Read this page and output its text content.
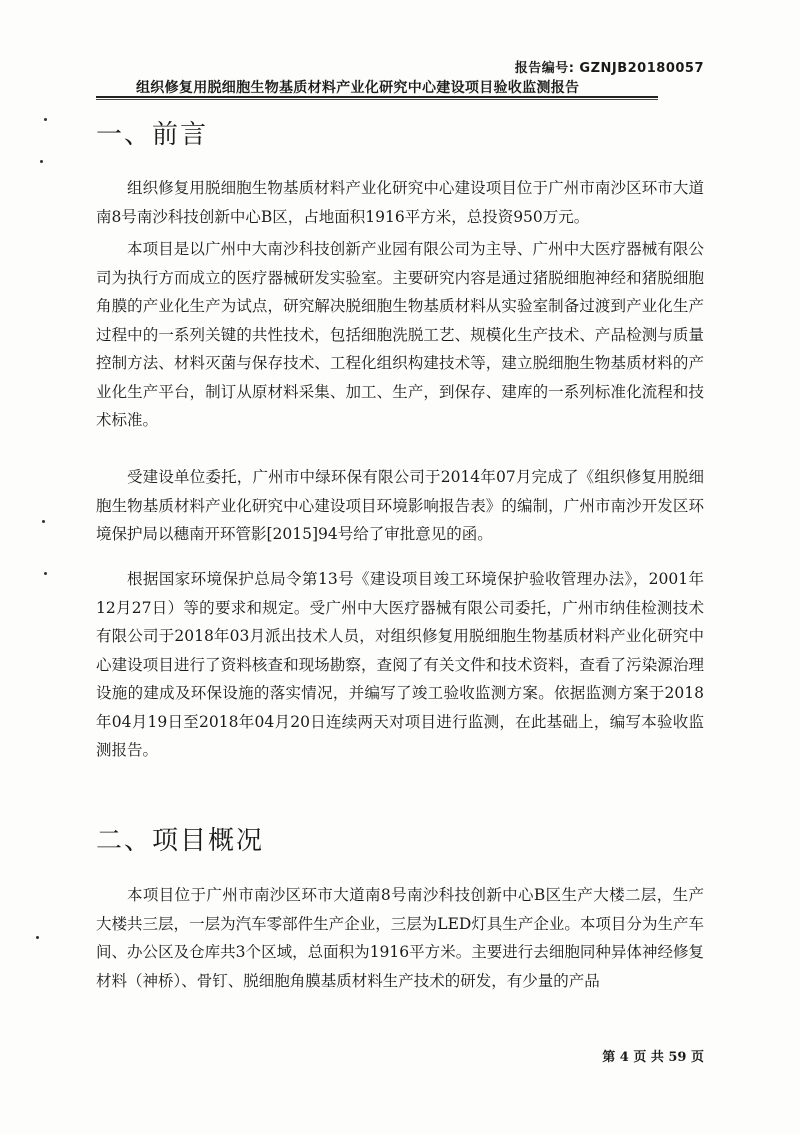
报告编号: GZNJB20180057
组织修复用脱细胞生物基质材料产业化研究中心建设项目验收监测报告
一、前言

组织修复用脱细胞生物基质材料产业化研究中心建设项目位于广州市南沙区环市大道南8号南沙科技创新中心B区，占地面积1916平方米，总投资950万元。

本项目是以广州中大南沙科技创新产业园有限公司为主导、广州中大医疗器械有限公司为执行方而成立的医疗器械研发实验室。主要研究内容是通过猪脱细胞神经和猪脱细胞角膜的产业化生产为试点，研究解决脱细胞生物基质材料从实验室制备过渡到产业化生产过程中的一系列关键的共性技术，包括细胞洗脱工艺、规模化生产技术、产品检测与质量控制方法、材料灭菌与保存技术、工程化组织构建技术等，建立脱细胞生物基质材料的产业化生产平台，制订从原材料采集、加工、生产，到保存、建库的一系列标准化流程和技术标准。

受建设单位委托，广州市中绿环保有限公司于2014年07月完成了《组织修复用脱细胞生物基质材料产业化研究中心建设项目环境影响报告表》的编制，广州市南沙开发区环境保护局以穗南开环管影[2015]94号给了审批意见的函。

根据国家环境保护总局令第13号《建设项目竣工环境保护验收管理办法》，2001年12月27日）等的要求和规定。受广州中大医疗器械有限公司委托，广州市纳佳检测技术有限公司于2018年03月派出技术人员，对组织修复用脱细胞生物基质材料产业化研究中心建设项目进行了资料核查和现场勘察，查阅了有关文件和技术资料，查看了污染源治理设施的建成及环保设施的落实情况，并编写了竣工验收监测方案。依据监测方案于2018年04月19日至2018年04月20日连续两天对项目进行监测，在此基础上，编写本验收监测报告。

二、项目概况

本项目位于广州市南沙区环市大道南8号南沙科技创新中心B区生产大楼二层，生产大楼共三层，一层为汽车零部件生产企业，三层为LED灯具生产企业。本项目分为生产车间、办公区及仓库共3个区域，总面积为1916平方米。主要进行去细胞同种异体神经修复材料（神桥）、骨钉、脱细胞角膜基质材料生产技术的研发，有少量的产品

第 4 页 共 59 页
